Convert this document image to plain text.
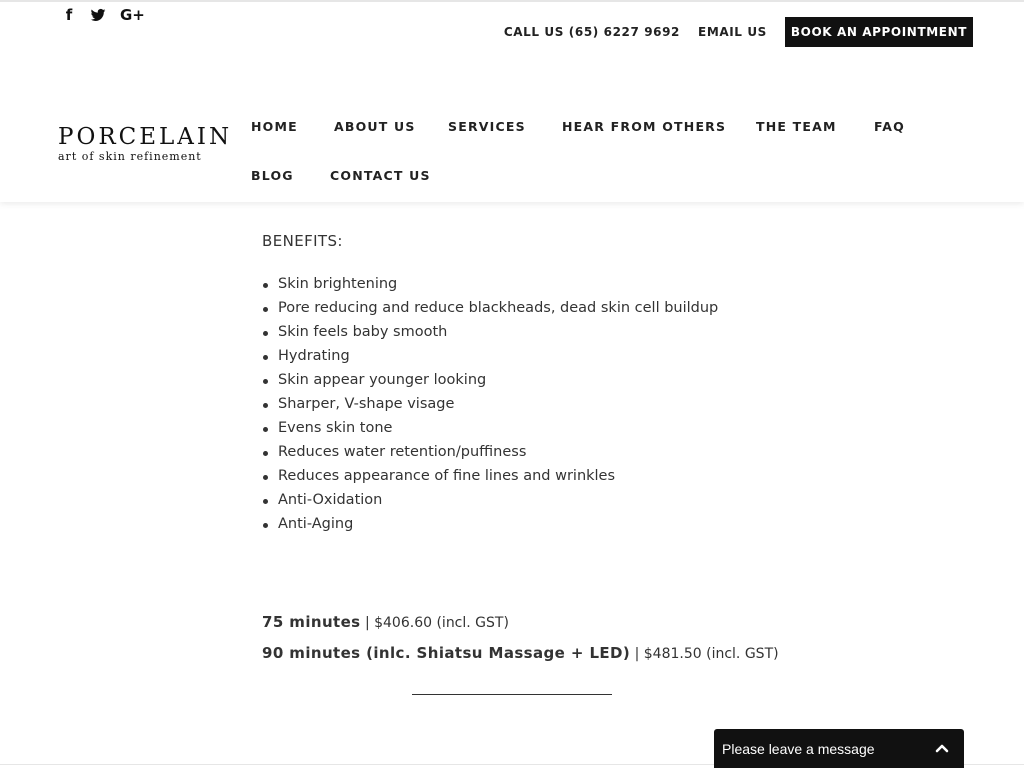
f	G+
CALL US (65) 6227 9692 EMAIL US	BOOK AN APPOINTMENT
PORCELAIN
art of skin refinement
HOME	ABOUT US	SERVICES	HEAR FROM OTHERS THE TEAM	FAQ
BLOG	CONTACT US
BENEFITS:
Skin brightening
Pore reducing and reduce blackheads, dead skin cell buildup
Skin feels baby smooth
Hydrating
Skin appear younger looking
Sharper, V-shape visage
Evens skin tone
Reduces water retention/puffiness
Reduces appearance of fine lines and wrinkles
Anti-Oxidation
Anti-Aging
75 minutes | $406.60 (incl. GST)
90 minutes (inlc. Shiatsu Massage + LED) | $481.50 (incl. GST)
Please leave a message
